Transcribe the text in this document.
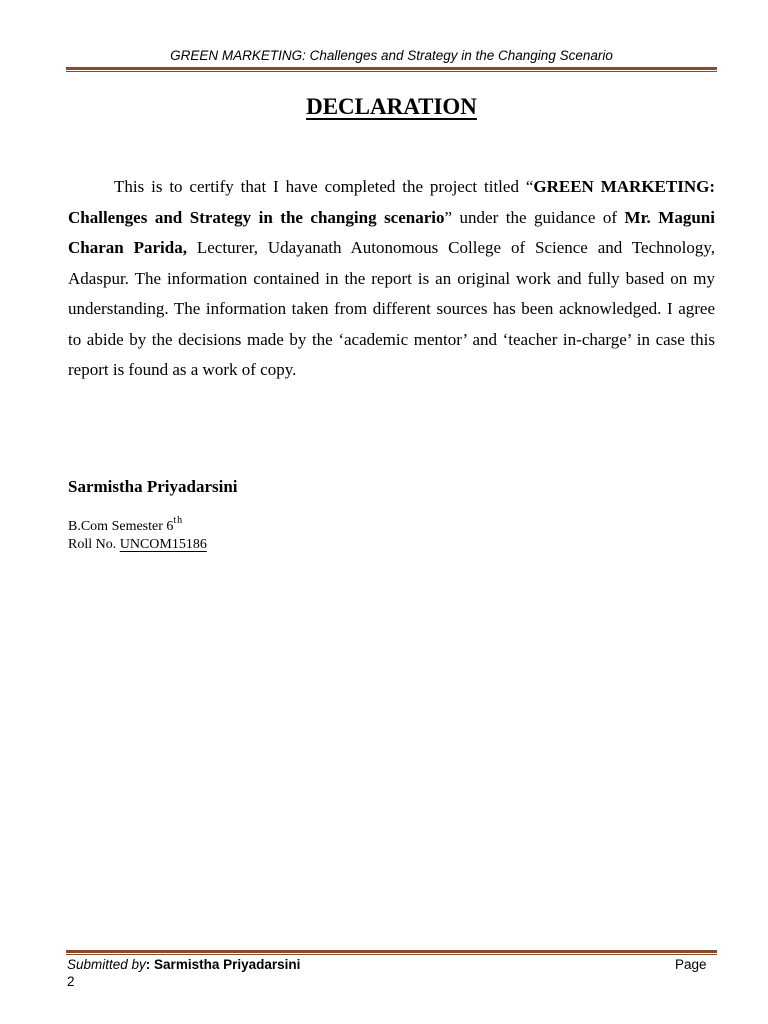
GREEN MARKETING: Challenges and Strategy in the Changing Scenario
DECLARATION

This is to certify that I have completed the project titled “GREEN MARKETING: Challenges and Strategy in the changing scenario” under the guidance of Mr. Maguni Charan Parida, Lecturer, Udayanath Autonomous College of Science and Technology, Adaspur. The information contained in the report is an original work and fully based on my understanding. The information taken from different sources has been acknowledged. I agree to abide by the decisions made by the ‘academic mentor’ and ‘teacher in-charge’ in case this report is found as a work of copy.

Sarmistha Priyadarsini
B.Com Semester 6th
Roll No. UNCOM15186
Submitted by: Sarmistha Priyadarsini	Page
2
